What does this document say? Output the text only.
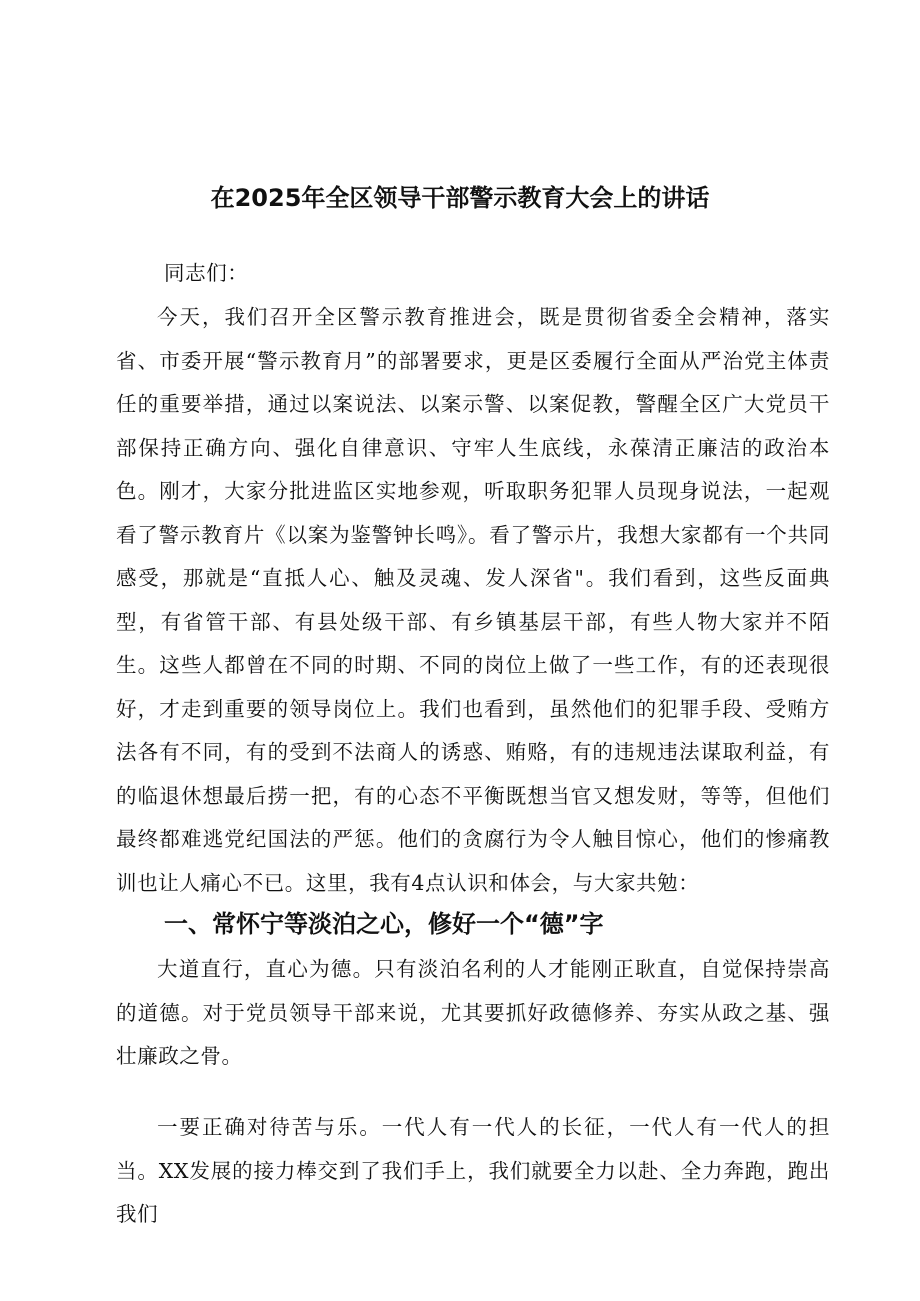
在2025年全区领导干部警示教育大会上的讲话

同志们：

今天，我们召开全区警示教育推进会，既是贯彻省委全会精神，落实省、市委开展“警示教育月”的部署要求，更是区委履行全面从严治党主体责任的重要举措，通过以案说法、以案示警、以案促教，警醒全区广大党员干部保持正确方向、强化自律意识、守牢人生底线，永葆清正廉洁的政治本色。刚才，大家分批进监区实地参观，听取职务犯罪人员现身说法，一起观看了警示教育片《以案为鉴警钟长鸣》。看了警示片，我想大家都有一个共同感受，那就是“直抵人心、触及灵魂、发人深省"。我们看到，这些反面典型，有省管干部、有县处级干部、有乡镇基层干部，有些人物大家并不陌生。这些人都曾在不同的时期、不同的岗位上做了一些工作，有的还表现很好，才走到重要的领导岗位上。我们也看到，虽然他们的犯罪手段、受贿方法各有不同，有的受到不法商人的诱惑、贿赂，有的违规违法谋取利益，有的临退休想最后捞一把，有的心态不平衡既想当官又想发财，等等，但他们最终都难逃党纪国法的严惩。他们的贪腐行为令人触目惊心，他们的惨痛教训也让人痛心不已。这里，我有4点认识和体会，与大家共勉：

一、常怀宁等淡泊之心，修好一个“德”字

大道直行，直心为德。只有淡泊名利的人才能刚正耿直，自觉保持崇高的道德。对于党员领导干部来说，尤其要抓好政德修养、夯实从政之基、强壮廉政之骨。

一要正确对待苦与乐。一代人有一代人的长征，一代人有一代人的担当。XX发展的接力棒交到了我们手上，我们就要全力以赴、全力奔跑，跑出我们
